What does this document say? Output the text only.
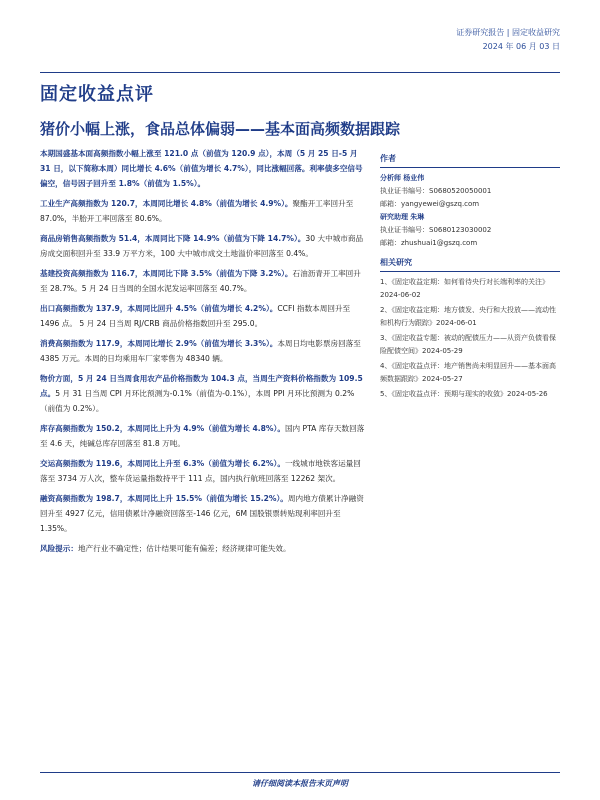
证券研究报告 | 固定收益研究
2024 年 06 月 03 日
固定收益点评
猪价小幅上涨，食品总体偏弱——基本面高频数据跟踪
本期国盛基本面高频指数小幅上涨至 121.0 点（前值为 120.9 点），本周（5 月 25 日-5 月 31 日，以下简称本周）同比增长 4.6%（前值为增长 4.7%），同比涨幅回落。利率债多空信号偏空，信号因子回升至 1.8%（前值为 1.5%）。
工业生产高频指数为 120.7，本周同比增长 4.8%（前值为增长 4.9%）。聚酯开工率回升至 87.0%，半胎开工率回落至 80.6%。
商品房销售高频指数为 51.4，本周同比下降 14.9%（前值为下降 14.7%）。30 大中城市商品房成交面积回升至 33.9 万平方米，100 大中城市成交土地溢价率回落至 0.4%。
基建投资高频指数为 116.7，本周同比下降 3.5%（前值为下降 3.2%）。石油沥青开工率回升至 28.7%。5 月 24 日当周的全国水泥发运率回落至 40.7%。
出口高频指数为 137.9，本周同比回升 4.5%（前值为增长 4.2%）。CCFI 指数本周回升至 1496 点。 5 月 24 日当周 RJ/CRB 商品价格指数回升至 295.0。
消费高频指数为 117.9，本周同比增长 2.9%（前值为增长 3.3%）。本周日均电影票房回落至 4385 万元。本周的日均乘用车厂家零售为 48340 辆。
物价方面，5 月 24 日当周食用农产品价格指数为 104.3 点，当周生产资料价格指数为 109.5 点。5 月 31 日当周 CPI 月环比预测为-0.1%（前值为-0.1%），本周 PPI 月环比预测为 0.2%（前值为 0.2%）。
库存高频指数为 150.2，本周同比上升为 4.9%（前值为增长 4.8%）。国内 PTA 库存天数回落至 4.6 天，纯碱总库存回落至 81.8 万吨。
交运高频指数为 119.6，本周同比上升至 6.3%（前值为增长 6.2%）。一线城市地铁客运量回落至 3734 万人次，整车货运量指数持平于 111 点，国内执行航班回落至 12262 架次。
融资高频指数为 198.7，本周同比上升 15.5%（前值为增长 15.2%）。周内地方债累计净融资回升至 4927 亿元，信用债累计净融资回落至-146 亿元，6M 国股银票转贴现利率回升至 1.35%。
风险提示：地产行业不确定性；估计结果可能有偏差；经济规律可能失效。
作者
分析师 杨业伟
执业证书编号：S0680520050001
邮箱：yangyewei@gszq.com
研究助理 朱琳
执业证书编号：S0680123030002
邮箱：zhushuai1@gszq.com
相关研究
1、《固定收益定期：如何看待央行对长端利率的关注》2024-06-02
2、《固定收益定期：地方债发、央行和大投放——流动性和机构行为跟踪》2024-06-01
3、《固定收益专题：被动的配债压力——从资产负债看保险配债空间》2024-05-29
4、《固定收益点评：地产销售尚未明显回升——基本面高频数据跟踪》2024-05-27
5、《固定收益点评：预期与现实的收敛》2024-05-26
请仔细阅读本报告末页声明
